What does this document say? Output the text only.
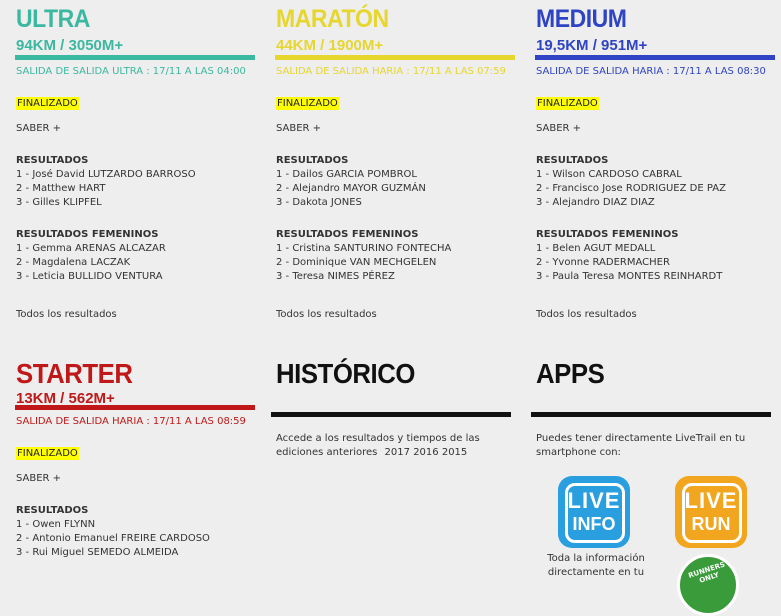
ULTRA
94KM / 3050M+
SALIDA DE SALIDA ULTRA : 17/11 A LAS 04:00
FINALIZADO
SABER +
RESULTADOS
1 - José David LUTZARDO BARROSO
2 - Matthew HART
3 - Gilles KLIPFEL
RESULTADOS FEMENINOS
1 - Gemma ARENAS ALCAZAR
2 - Magdalena LACZAK
3 - Leticia BULLIDO VENTURA
Todos los resultados
MARATÓN
44KM / 1900M+
SALIDA DE SALIDA HARIA : 17/11 A LAS 07:59
FINALIZADO
SABER +
RESULTADOS
1 - Dailos GARCIA POMBROL
2 - Alejandro MAYOR GUZMÁN
3 - Dakota JONES
RESULTADOS FEMENINOS
1 - Cristina SANTURINO FONTECHA
2 - Dominique VAN MECHGELEN
3 - Teresa NIMES PÉREZ
Todos los resultados
MEDIUM
19,5KM / 951M+
SALIDA DE SALIDA HARIA : 17/11 A LAS 08:30
FINALIZADO
SABER +
RESULTADOS
1 - Wilson CARDOSO CABRAL
2 - Francisco Jose RODRIGUEZ DE PAZ
3 - Alejandro DIAZ DIAZ
RESULTADOS FEMENINOS
1 - Belen AGUT MEDALL
2 - Yvonne RADERMACHER
3 - Paula Teresa MONTES REINHARDT
Todos los resultados
STARTER
13KM / 562M+
SALIDA DE SALIDA HARIA : 17/11 A LAS 08:59
FINALIZADO
SABER +
RESULTADOS
1 - Owen FLYNN
2 - Antonio Emanuel FREIRE CARDOSO
3 - Rui Miguel SEMEDO ALMEIDA
HISTÓRICO
Accede a los resultados y tiempos de las ediciones anteriores 2017 2016 2015
APPS
Puedes tener directamente LiveTrail en tu smartphone con:
LIVE
INFO
LIVE
RUN
Toda la información directamente en tu	RUNNERS ONLY
